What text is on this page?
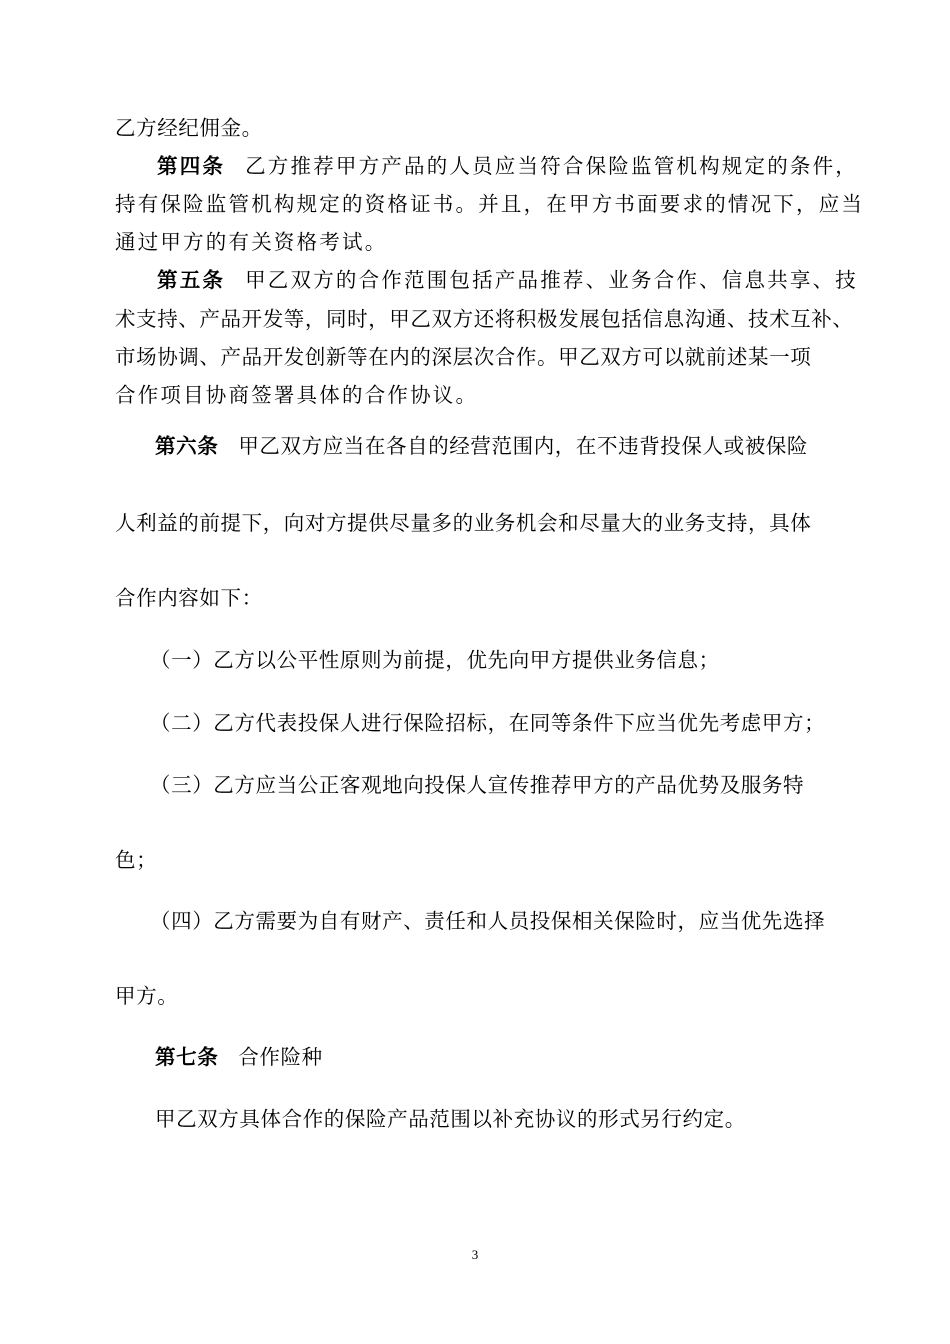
乙方经纪佣金。
第四条 乙方推荐甲方产品的人员应当符合保险监管机构规定的条件，
持有保险监管机构规定的资格证书。并且，在甲方书面要求的情况下，应当
通过甲方的有关资格考试。
第五条 甲乙双方的合作范围包括产品推荐、业务合作、信息共享、技
术支持、产品开发等，同时，甲乙双方还将积极发展包括信息沟通、技术互补、
市场协调、产品开发创新等在内的深层次合作。甲乙双方可以就前述某一项
合作项目协商签署具体的合作协议。
第六条 甲乙双方应当在各自的经营范围内，在不违背投保人或被保险
人利益的前提下，向对方提供尽量多的业务机会和尽量大的业务支持，具体
合作内容如下：
（一）乙方以公平性原则为前提，优先向甲方提供业务信息；
（二）乙方代表投保人进行保险招标，在同等条件下应当优先考虑甲方；
（三）乙方应当公正客观地向投保人宣传推荐甲方的产品优势及服务特
色；
（四）乙方需要为自有财产、责任和人员投保相关保险时，应当优先选择
甲方。
第七条 合作险种
甲乙双方具体合作的保险产品范围以补充协议的形式另行约定。
3
